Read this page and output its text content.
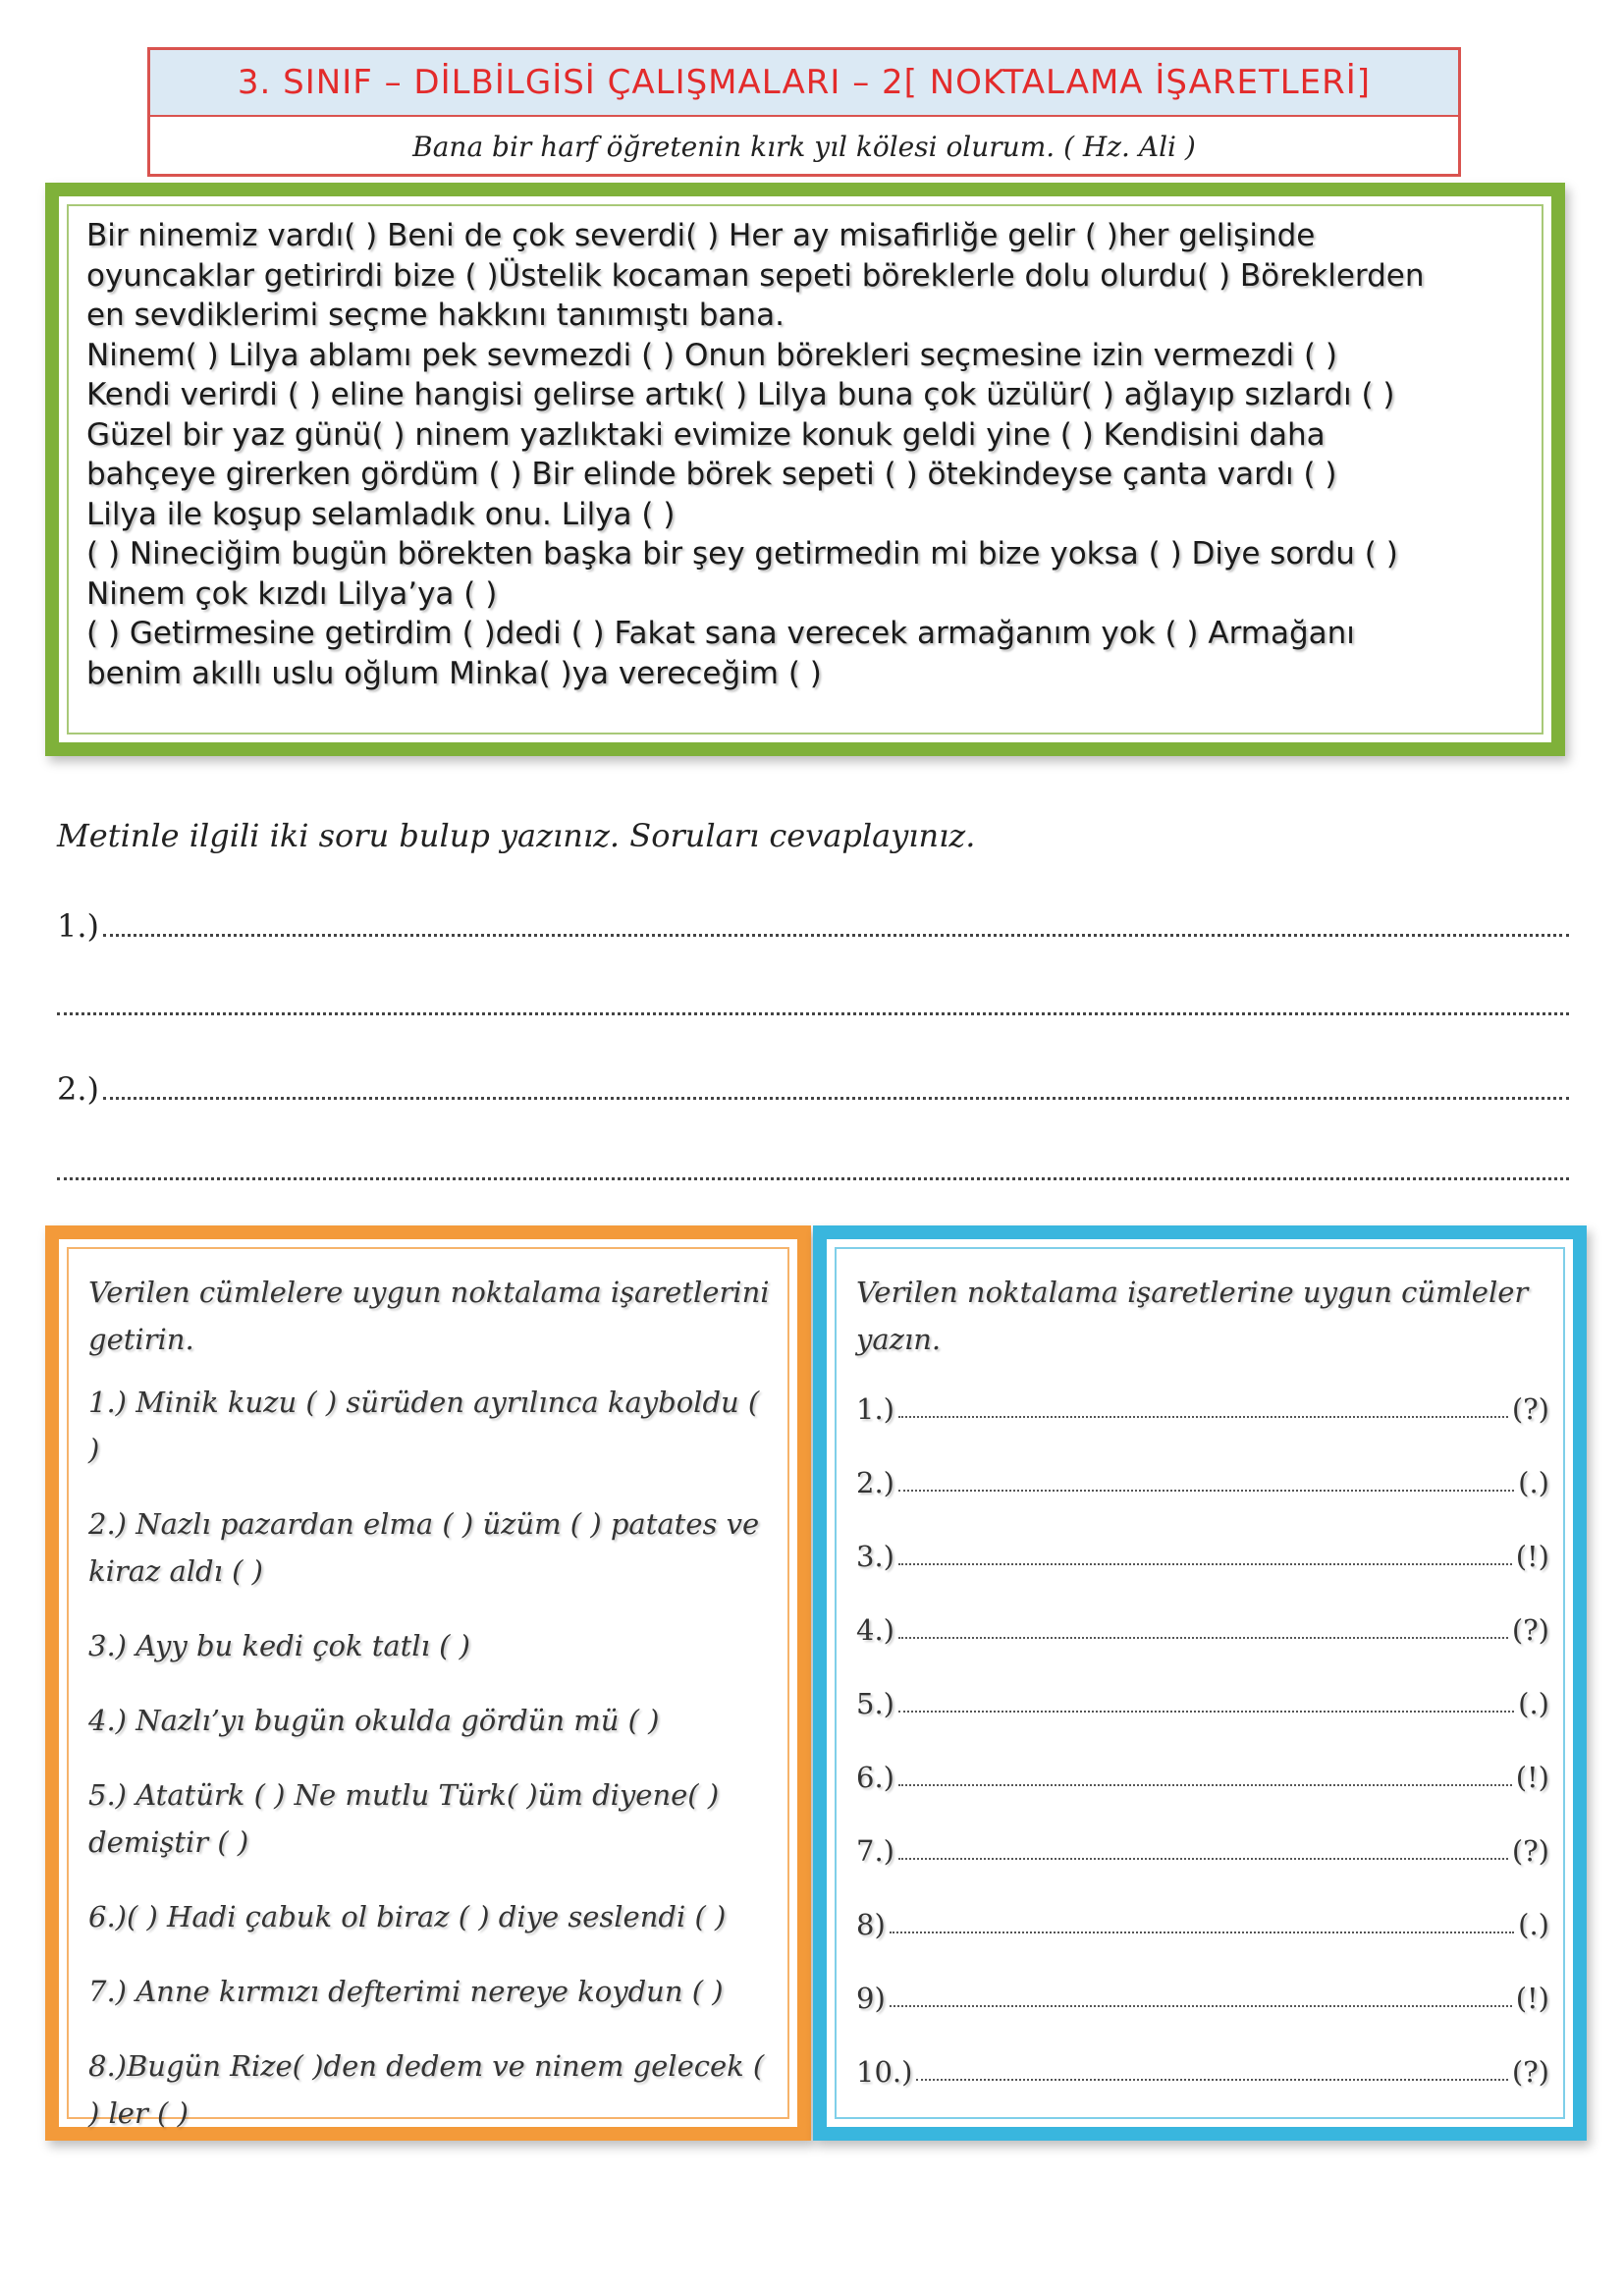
3. SINIF – DİLBİLGİSİ ÇALIŞMALARI – 2[ NOKTALAMA İŞARETLERİ]
Bana bir harf öğretenin kırk yıl kölesi olurum. ( Hz. Ali )
Bir ninemiz vardı( ) Beni de çok severdi( ) Her ay misafirliğe gelir ( )her gelişinde
oyuncaklar getirirdi bize ( )Üstelik kocaman sepeti böreklerle dolu olurdu( ) Böreklerden
en sevdiklerimi seçme hakkını tanımıştı bana.
Ninem( ) Lilya ablamı pek sevmezdi ( ) Onun börekleri seçmesine izin vermezdi ( )
Kendi verirdi ( ) eline hangisi gelirse artık( ) Lilya buna çok üzülür( ) ağlayıp sızlardı ( )
Güzel bir yaz günü( ) ninem yazlıktaki evimize konuk geldi yine ( ) Kendisini daha
bahçeye girerken gördüm ( ) Bir elinde börek sepeti ( ) ötekindeyse çanta vardı ( )
Lilya ile koşup selamladık onu. Lilya ( )
( ) Nineciğim bugün börekten başka bir şey getirmedin mi bize yoksa ( ) Diye sordu ( )
Ninem çok kızdı Lilya’ya ( )
( ) Getirmesine getirdim ( )dedi ( ) Fakat sana verecek armağanım yok ( ) Armağanı
benim akıllı uslu oğlum Minka( )ya vereceğim ( )
Metinle ilgili iki soru bulup yazınız. Soruları cevaplayınız.
1.)
2.)
Verilen cümlelere uygun noktalama işaretlerini getirin.
1.) Minik kuzu ( ) sürüden ayrılınca kayboldu ( )
2.) Nazlı pazardan elma ( ) üzüm ( ) patates ve kiraz aldı ( )
3.) Ayy bu kedi çok tatlı ( )
4.) Nazlı’yı bugün okulda gördün mü ( )
5.) Atatürk ( ) Ne mutlu Türk( )üm diyene( ) demiştir ( )
6.)( ) Hadi çabuk ol biraz ( ) diye seslendi ( )
7.) Anne kırmızı defterimi nereye koydun ( )
8.)Bugün Rize( )den dedem ve ninem gelecek ( ) ler ( )
Verilen noktalama işaretlerine uygun cümleler yazın.
1.)	(?)
2.)	(.)
3.)	(!)
4.)	(?)
5.)	(.)
6.)	(!)
7.)	(?)
8)	(.)
9)	(!)
10.)	(?)
